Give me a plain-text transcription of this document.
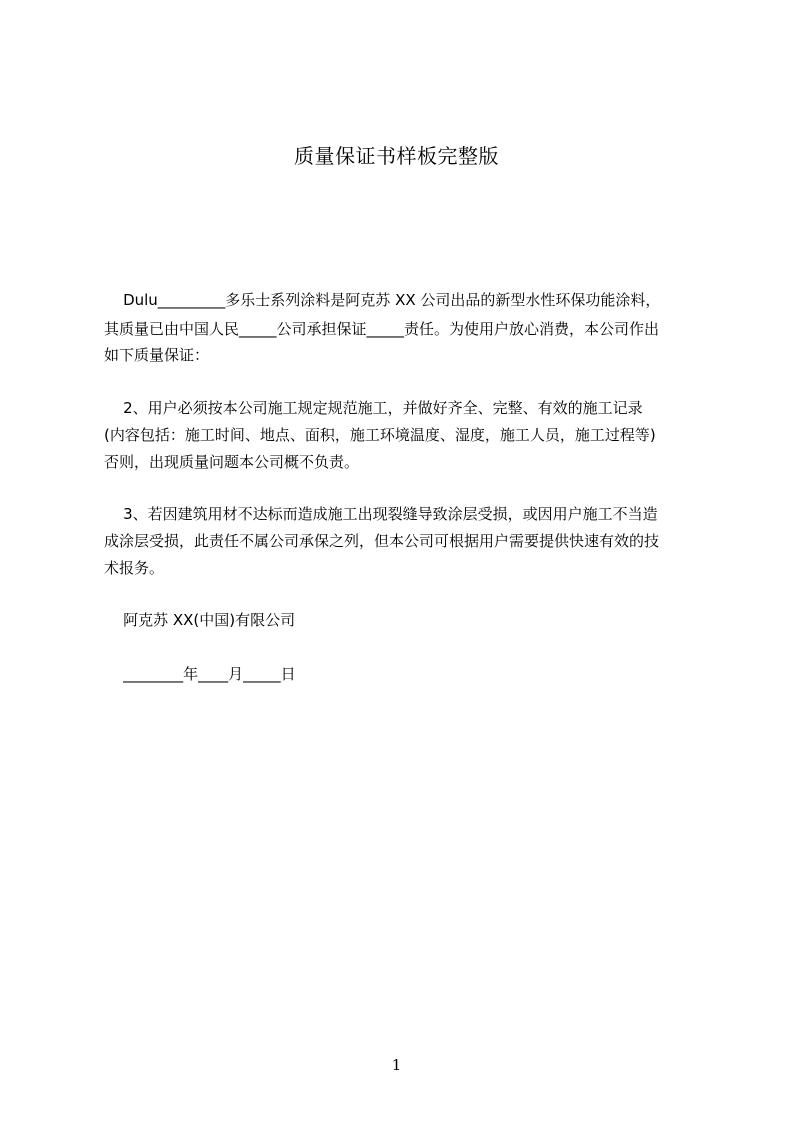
质量保证书样板完整版
Dulu_________多乐士系列涂料是阿克苏 XX 公司出品的新型水性环保功能涂料，
其质量已由中国人民_____公司承担保证_____责任。为使用户放心消费，本公司作出
如下质量保证：
2、用户必须按本公司施工规定规范施工，并做好齐全、完整、有效的施工记录
(内容包括：施工时间、地点、面积，施工环境温度、湿度，施工人员，施工过程等)
否则，出现质量问题本公司概不负责。
3、若因建筑用材不达标而造成施工出现裂缝导致涂层受损，或因用户施工不当造
成涂层受损，此责任不属公司承保之列，但本公司可根据用户需要提供快速有效的技
术报务。
阿克苏 XX(中国)有限公司
________年____月_____日
1
